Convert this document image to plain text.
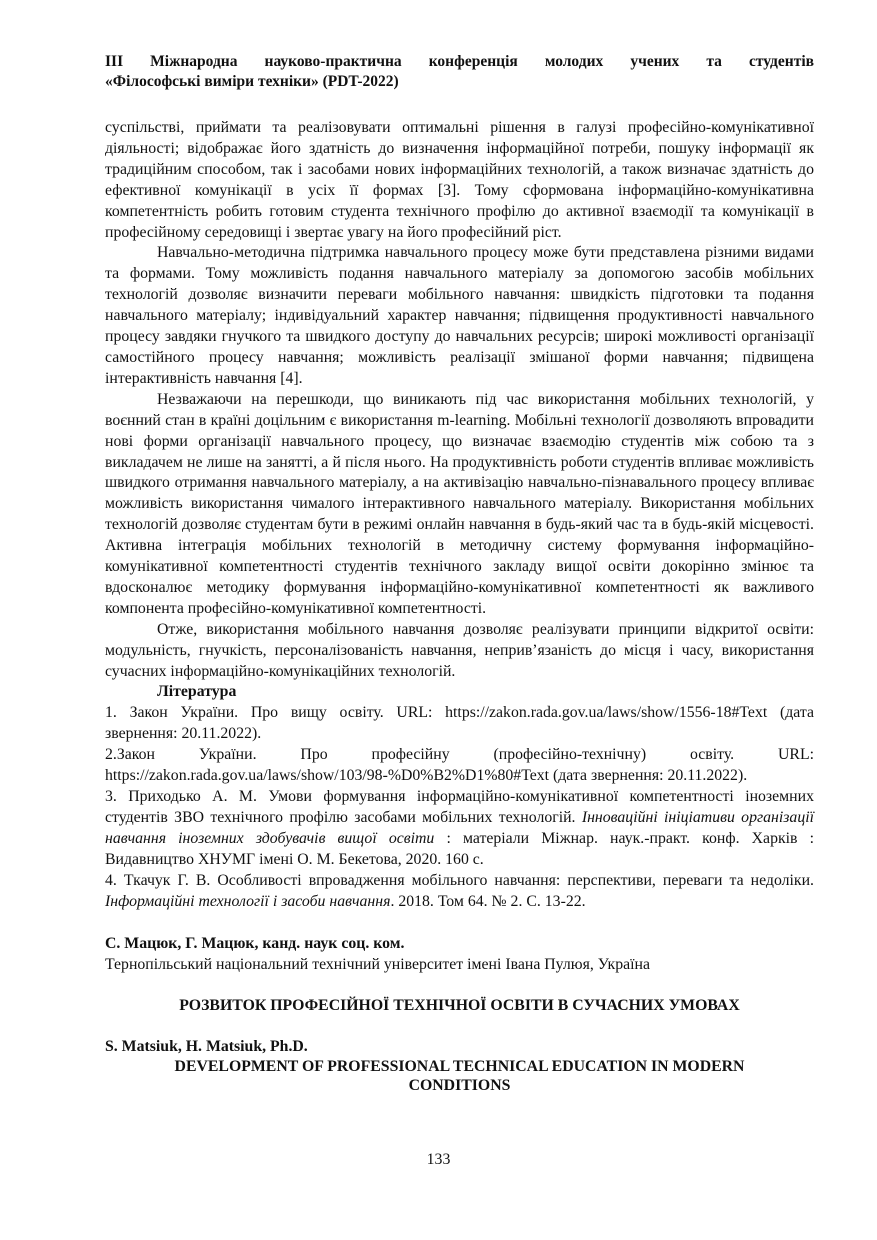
III Міжнародна науково-практична конференція молодих учених та студентів
«Філософські виміри техніки» (PDT-2022)

суспільстві, приймати та реалізовувати оптимальні рішення в галузі професійно-комунікативної діяльності; відображає його здатність до визначення інформаційної потреби, пошуку інформації як традиційним способом, так і засобами нових інформаційних технологій, а також визначає здатність до ефективної комунікації в усіх її формах [3]. Тому сформована інформаційно-комунікативна компетентність робить готовим студента технічного профілю до активної взаємодії та комунікації в професійному середовищі і звертає увагу на його професійний ріст.

Навчально-методична підтримка навчального процесу може бути представлена різними видами та формами. Тому можливість подання навчального матеріалу за допомогою засобів мобільних технологій дозволяє визначити переваги мобільного навчання: швидкість підготовки та подання навчального матеріалу; індивідуальний характер навчання; підвищення продуктивності навчального процесу завдяки гнучкого та швидкого доступу до навчальних ресурсів; широкі можливості організації самостійного процесу навчання; можливість реалізації змішаної форми навчання; підвищена інтерактивність навчання [4].

Незважаючи на перешкоди, що виникають під час використання мобільних технологій, у воєнний стан в країні доцільним є використання m-learning. Мобільні технології дозволяють впровадити нові форми організації навчального процесу, що визначає взаємодію студентів між собою та з викладачем не лише на занятті, а й після нього. На продуктивність роботи студентів впливає можливість швидкого отримання навчального матеріалу, а на активізацію навчально-пізнавального процесу впливає можливість використання чималого інтерактивного навчального матеріалу. Використання мобільних технологій дозволяє студентам бути в режимі онлайн навчання в будь-який час та в будь-якій місцевості. Активна інтеграція мобільних технологій в методичну систему формування інформаційно-комунікативної компетентності студентів технічного закладу вищої освіти докорінно змінює та вдосконалює методику формування інформаційно-комунікативної компетентності як важливого компонента професійно-комунікативної компетентності.

Отже, використання мобільного навчання дозволяє реалізувати принципи відкритої освіти: модульність, гнучкість, персоналізованість навчання, неприв’язаність до місця і часу, використання сучасних інформаційно-комунікаційних технологій.

Література

1. Закон України. Про вищу освіту. URL: https://zakon.rada.gov.ua/laws/show/1556-18#Text (дата звернення: 20.11.2022).

2.Закон України. Про професійну (професійно-технічну) освіту. URL: https://zakon.rada.gov.ua/laws/show/103/98-%D0%B2%D1%80#Text (дата звернення: 20.11.2022).

3. Приходько А. М. Умови формування інформаційно-комунікативної компетентності іноземних студентів ЗВО технічного профілю засобами мобільних технологій. Інноваційні ініціативи організації навчання іноземних здобувачів вищої освіти : матеріали Міжнар. наук.-практ. конф. Харків : Видавництво ХНУМГ імені О. М. Бекетова, 2020. 160 с.

4. Ткачук Г. В. Особливості впровадження мобільного навчання: перспективи, переваги та недоліки. Інформаційні технології і засоби навчання. 2018. Том 64. № 2. С. 13-22.

С. Мацюк, Г. Мацюк, канд. наук соц. ком.

Тернопільський національний технічний університет імені Івана Пулюя, Україна

РОЗВИТОК ПРОФЕСІЙНОЇ ТЕХНІЧНОЇ ОСВІТИ В СУЧАСНИХ УМОВАХ

S. Matsiuk, H. Matsiuk, Ph.D.

DEVELOPMENT OF PROFESSIONAL TECHNICAL EDUCATION IN MODERN

CONDITIONS

133
